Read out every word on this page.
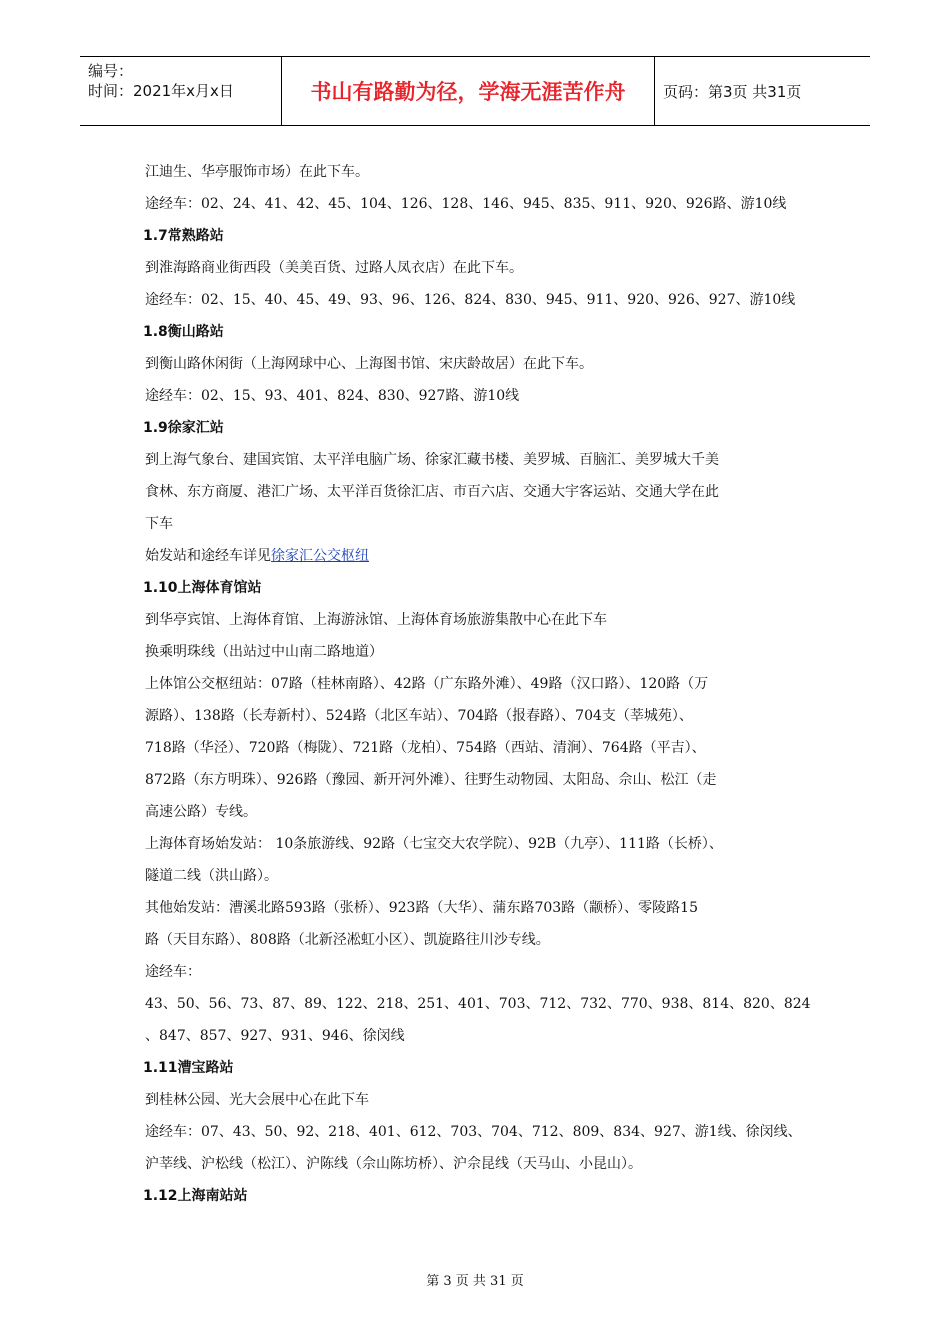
编号：
时间：2021年x月x日	书山有路勤为径，学海无涯苦作舟	页码：第3页 共31页
江迪生、华亭服饰市场）在此下车。
途经车：02、24、41、42、45、104、126、128、146、945、835、911、920、926路、游10线
1.7常熟路站
到淮海路商业街西段（美美百货、过路人凤衣店）在此下车。
途经车：02、15、40、45、49、93、96、126、824、830、945、911、920、926、927、游10线
1.8衡山路站
到衡山路休闲街（上海网球中心、上海图书馆、宋庆龄故居）在此下车。
途经车：02、15、93、401、824、830、927路、游10线
1.9徐家汇站
到上海气象台、建国宾馆、太平洋电脑广场、徐家汇藏书楼、美罗城、百脑汇、美罗城大千美
食林、东方商厦、港汇广场、太平洋百货徐汇店、市百六店、交通大宇客运站、交通大学在此
下车
始发站和途经车详见徐家汇公交枢纽
1.10上海体育馆站
到华亭宾馆、上海体育馆、上海游泳馆、上海体育场旅游集散中心在此下车
换乘明珠线（出站过中山南二路地道）
上体馆公交枢纽站：07路（桂林南路）、42路（广东路外滩）、49路（汉口路）、120路（万
源路）、138路（长寿新村）、524路（北区车站）、704路（报春路）、704支（莘城苑）、
718路（华泾）、720路（梅陇）、721路（龙柏）、754路（西站、清涧）、764路（平吉）、
872路（东方明珠）、926路（豫园、新开河外滩）、往野生动物园、太阳岛、佘山、松江（走
高速公路）专线。
上海体育场始发站： 10条旅游线、92路（七宝交大农学院）、92B（九亭）、111路（长桥）、
隧道二线（洪山路）。
其他始发站：漕溪北路593路（张桥）、923路（大华）、蒲东路703路（颛桥）、零陵路15
路（天目东路）、808路（北新泾凇虹小区）、凯旋路往川沙专线。
途经车：
43、50、56、73、87、89、122、218、251、401、703、712、732、770、938、814、820、824
、847、857、927、931、946、徐闵线
1.11漕宝路站
到桂林公园、光大会展中心在此下车
途经车：07、43、50、92、218、401、612、703、704、712、809、834、927、游1线、徐闵线、
沪莘线、沪松线（松江）、沪陈线（佘山陈坊桥）、沪佘昆线（天马山、小昆山）。
1.12上海南站站
第 3 页 共 31 页
